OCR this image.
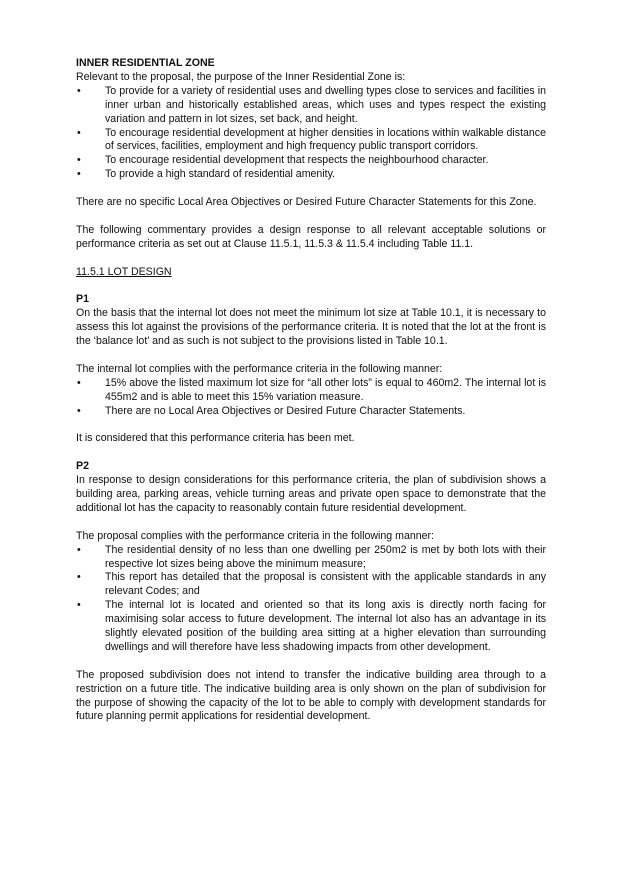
INNER RESIDENTIAL ZONE

Relevant to the proposal, the purpose of the Inner Residential Zone is:

• To provide for a variety of residential uses and dwelling types close to services and facilities in inner urban and historically established areas, which uses and types respect the existing variation and pattern in lot sizes, set back, and height.
• To encourage residential development at higher densities in locations within walkable distance of services, facilities, employment and high frequency public transport corridors.
• To encourage residential development that respects the neighbourhood character.
• To provide a high standard of residential amenity.

There are no specific Local Area Objectives or Desired Future Character Statements for this Zone.

The following commentary provides a design response to all relevant acceptable solutions or performance criteria as set out at Clause 11.5.1, 11.5.3 & 11.5.4 including Table 11.1.

11.5.1 LOT DESIGN

P1

On the basis that the internal lot does not meet the minimum lot size at Table 10.1, it is necessary to assess this lot against the provisions of the performance criteria. It is noted that the lot at the front is the ‘balance lot’ and as such is not subject to the provisions listed in Table 10.1.

The internal lot complies with the performance criteria in the following manner:

• 15% above the listed maximum lot size for “all other lots” is equal to 460m2. The internal lot is 455m2 and is able to meet this 15% variation measure.
• There are no Local Area Objectives or Desired Future Character Statements.

It is considered that this performance criteria has been met.

P2

In response to design considerations for this performance criteria, the plan of subdivision shows a building area, parking areas, vehicle turning areas and private open space to demonstrate that the additional lot has the capacity to reasonably contain future residential development.

The proposal complies with the performance criteria in the following manner:

• The residential density of no less than one dwelling per 250m2 is met by both lots with their respective lot sizes being above the minimum measure;
• This report has detailed that the proposal is consistent with the applicable standards in any relevant Codes; and
• The internal lot is located and oriented so that its long axis is directly north facing for maximising solar access to future development. The internal lot also has an advantage in its slightly elevated position of the building area sitting at a higher elevation than surrounding dwellings and will therefore have less shadowing impacts from other development.

The proposed subdivision does not intend to transfer the indicative building area through to a restriction on a future title. The indicative building area is only shown on the plan of subdivision for the purpose of showing the capacity of the lot to be able to comply with development standards for future planning permit applications for residential development.
